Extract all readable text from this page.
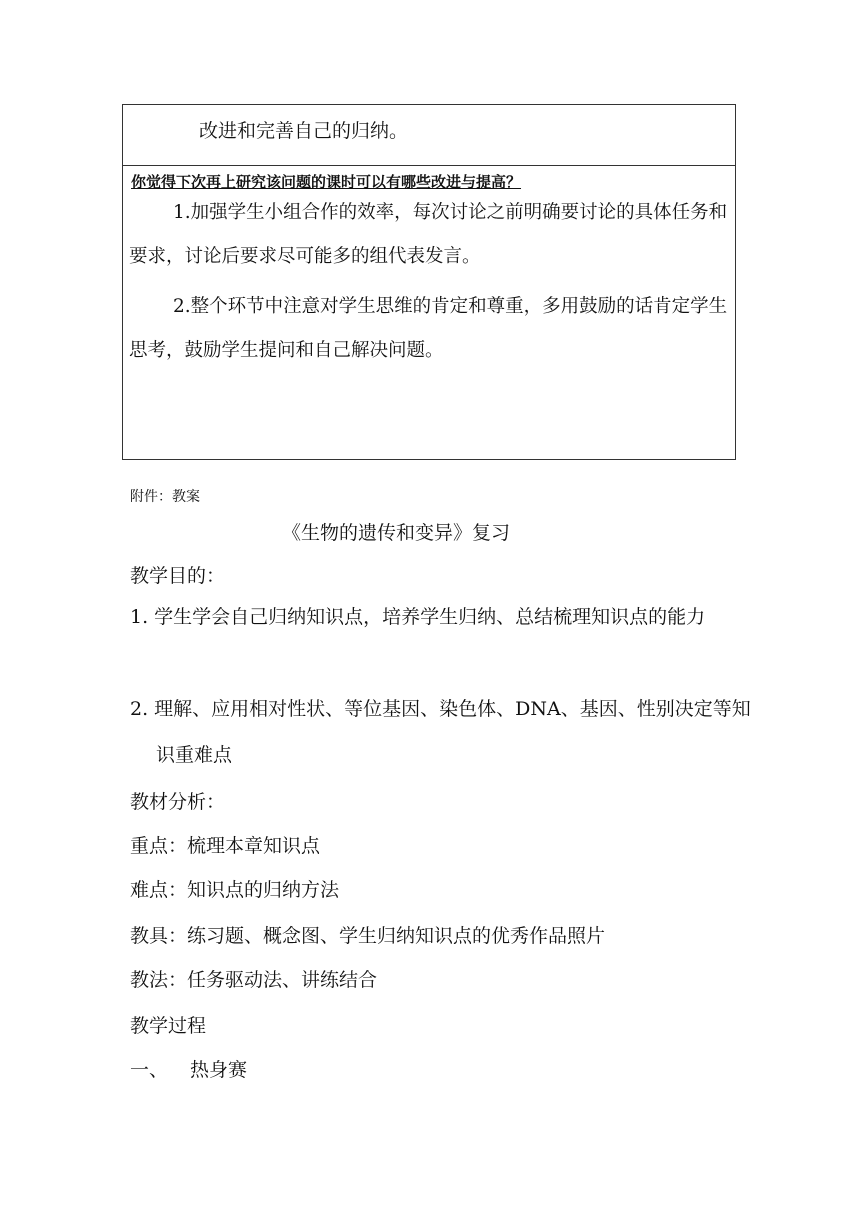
改进和完善自己的归纳。
你觉得下次再上研究该问题的课时可以有哪些改进与提高？
1.加强学生小组合作的效率，每次讨论之前明确要讨论的具体任务和要求，讨论后要求尽可能多的组代表发言。
2.整个环节中注意对学生思维的肯定和尊重，多用鼓励的话肯定学生思考，鼓励学生提问和自己解决问题。
附件：教案
《生物的遗传和变异》复习
教学目的：
1. 学生学会自己归纳知识点，培养学生归纳、总结梳理知识点的能力
2. 理解、应用相对性状、等位基因、染色体、DNA、基因、性别决定等知识重难点
教材分析：
重点：梳理本章知识点
难点：知识点的归纳方法
教具：练习题、概念图、学生归纳知识点的优秀作品照片
教法：任务驱动法、讲练结合
教学过程
一、 热身赛
